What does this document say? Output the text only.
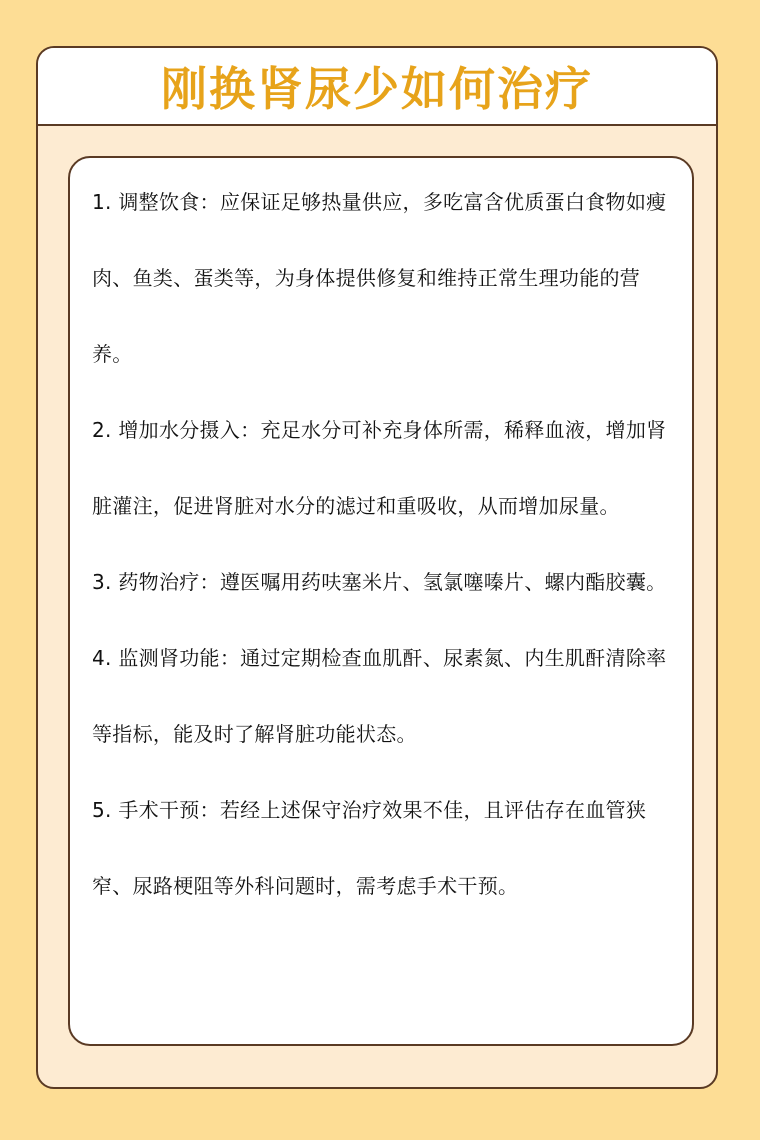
刚换肾尿少如何治疗

1. 调整饮食：应保证足够热量供应，多吃富含优质蛋白食物如瘦肉、鱼类、蛋类等，为身体提供修复和维持正常生理功能的营养。

2. 增加水分摄入：充足水分可补充身体所需，稀释血液，增加肾脏灌注，促进肾脏对水分的滤过和重吸收，从而增加尿量。

3. 药物治疗：遵医嘱用药呋塞米片、氢氯噻嗪片、螺内酯胶囊。

4. 监测肾功能：通过定期检查血肌酐、尿素氮、内生肌酐清除率等指标，能及时了解肾脏功能状态。

5. 手术干预：若经上述保守治疗效果不佳，且评估存在血管狭窄、尿路梗阻等外科问题时，需考虑手术干预。
